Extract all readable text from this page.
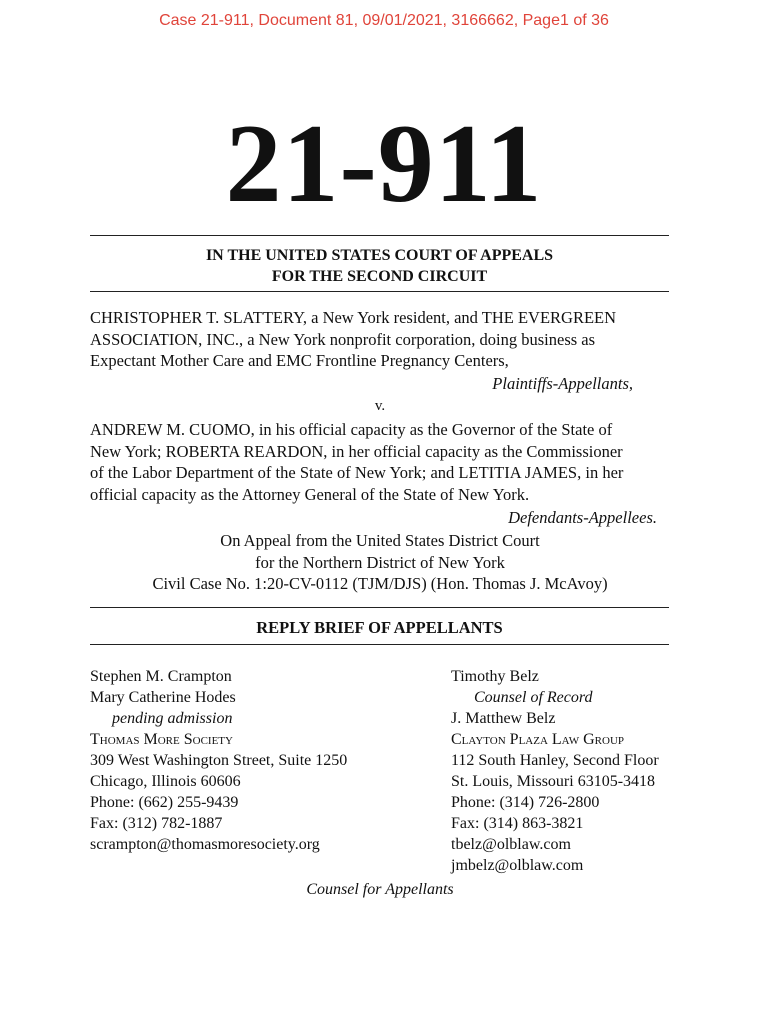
Case 21-911, Document 81, 09/01/2021, 3166662, Page1 of 36
21-911
IN THE UNITED STATES COURT OF APPEALS
FOR THE SECOND CIRCUIT
CHRISTOPHER T. SLATTERY, a New York resident, and THE EVERGREEN
ASSOCIATION, INC., a New York nonprofit corporation, doing business as
Expectant Mother Care and EMC Frontline Pregnancy Centers,
Plaintiffs-Appellants,
v.
ANDREW M. CUOMO, in his official capacity as the Governor of the State of
New York; ROBERTA REARDON, in her official capacity as the Commissioner
of the Labor Department of the State of New York; and LETITIA JAMES, in her
official capacity as the Attorney General of the State of New York.
Defendants-Appellees.
On Appeal from the United States District Court
for the Northern District of New York
Civil Case No. 1:20-CV-0112 (TJM/DJS) (Hon. Thomas J. McAvoy)
REPLY BRIEF OF APPELLANTS
Stephen M. Crampton
Mary Catherine Hodes
pending admission
Thomas More Society
309 West Washington Street, Suite 1250
Chicago, Illinois 60606
Phone: (662) 255-9439
Fax: (312) 782-1887
scrampton@thomasmoresociety.org
Timothy Belz
Counsel of Record
J. Matthew Belz
Clayton Plaza Law Group
112 South Hanley, Second Floor
St. Louis, Missouri 63105-3418
Phone: (314) 726-2800
Fax: (314) 863-3821
tbelz@olblaw.com
jmbelz@olblaw.com
Counsel for Appellants
